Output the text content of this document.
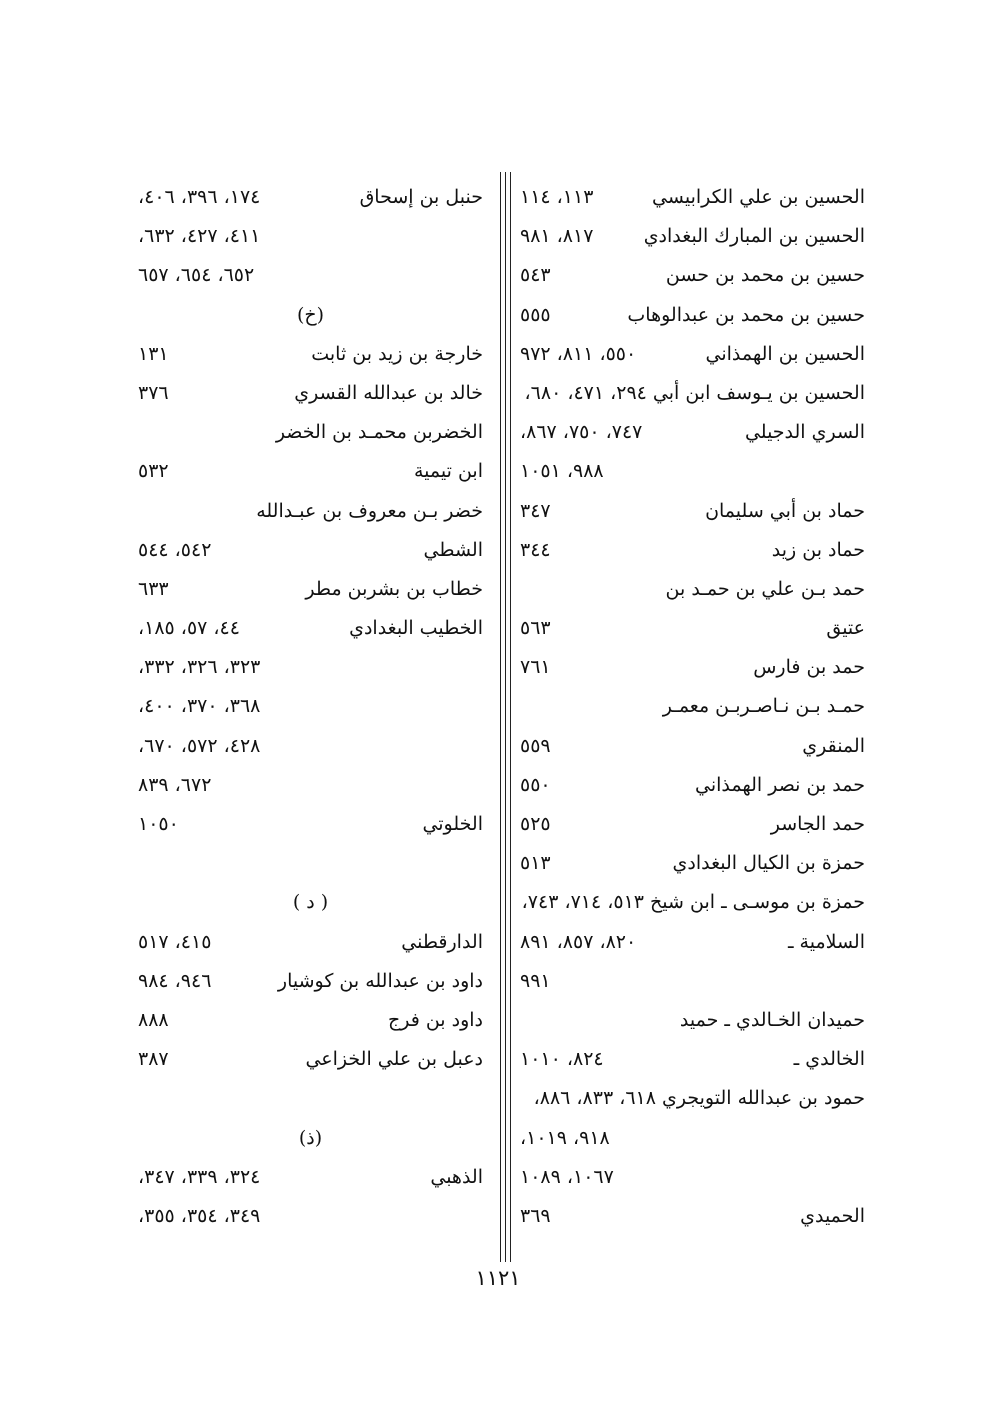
الحسين بن علي الكرابيسي
١١٣، ١١٤
الحسين بن المبارك البغدادي
٨١٧، ٩٨١
حسين بن محمد بن حسن
٥٤٣
حسين بن محمد بن عبدالوهاب
٥٥٥
الحسين بن الهمذاني
٥٥٠، ٨١١، ٩٧٢
الحسين بن يـوسف ابن أبي ٢٩٤، ٤٧١، ٦٨٠،
السري الدجيلي
٧٤٧، ٧٥٠، ٨٦٧،
٩٨٨، ١٠٥١
حماد بن أبي سليمان
٣٤٧
حماد بن زيد
٣٤٤
حمد بـن علي بن حمـد بن
عتيق
٥٦٣
حمد بن فارس
٧٦١
حمـد بـن نـاصـربـن معمـر
المنقري
٥٥٩
حمد بن نصر الهمذاني
٥٥٠
حمد الجاسر
٥٢٥
حمزة بن الكيال البغدادي
٥١٣
حمزة بن موسـى ـ ابن شيخ ٥١٣، ٧١٤، ٧٤٣،
السلامية ـ
٨٢٠، ٨٥٧، ٨٩١
٩٩١
حميدان الخـالدي ـ حميد
الخالدي ـ
٨٢٤، ١٠١٠
حمود بن عبدالله التويجري ٦١٨، ٨٣٣، ٨٨٦،
٩١٨، ١٠١٩،
١٠٦٧، ١٠٨٩
الحميدي
٣٦٩
حنبل بن إسحاق
١٧٤، ٣٩٦، ٤٠٦،
٤١١، ٤٢٧، ٦٣٢،
٦٥٢، ٦٥٤، ٦٥٧
(خ)
خارجة بن زيد بن ثابت
١٣١
خالد بن عبدالله القسري
٣٧٦
الخضربن محمـد بن الخضر
ابن تيمية
٥٣٢
خضر بـن معروف بن عبـدالله
الشطي
٥٤٢، ٥٤٤
خطاب بن بشربن مطر
٦٣٣
الخطيب البغدادي
٤٤، ٥٧، ١٨٥،
٣٢٣، ٣٢٦، ٣٣٢،
٣٦٨، ٣٧٠، ٤٠٠،
٤٢٨، ٥٧٢، ٦٧٠،
٦٧٢، ٨٣٩
الخلوتي
١٠٥٠
( د )
الدارقطني
٤١٥، ٥١٧
داود بن عبدالله بن كوشيار
٩٤٦، ٩٨٤
داود بن فرج
٨٨٨
دعبل بن علي الخزاعي
٣٨٧
(ذ)
الذهبي
٣٢٤، ٣٣٩، ٣٤٧،
٣٤٩، ٣٥٤، ٣٥٥،
١١٢١
